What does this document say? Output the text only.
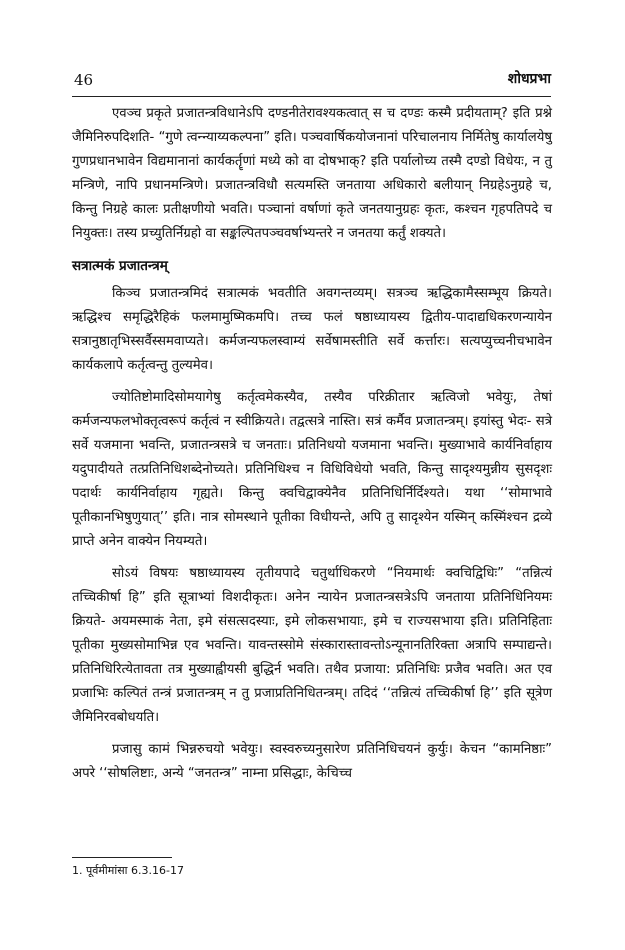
46	शोधप्रभा

एवञ्च प्रकृते प्रजातन्त्रविधानेऽपि दण्डनीतेरावश्यकत्वात् स च दण्डः कस्मै प्रदीयताम्? इति प्रश्ने जैमिनिरुपदिशति- “गुणे त्वन्न्याय्यकल्पना” इति। पञ्चवार्षिकयोजनानां परिचालनाय निर्मितेषु कार्यालयेषु गुणप्रधानभावेन विद्यमानानां कार्यकर्तॄणां मध्ये को वा दोषभाक्? इति पर्यालोच्य तस्मै दण्डो विधेयः, न तु मन्त्रिणे, नापि प्रधानमन्त्रिणे। प्रजातन्त्रविधौ सत्यमस्ति जनताया अधिकारो बलीयान् निग्रहेऽनुग्रहे च, किन्तु निग्रहे कालः प्रतीक्षणीयो भवति। पञ्चानां वर्षाणां कृते जनतयानुग्रहः कृतः, कश्चन गृहपतिपदे च नियुक्तः। तस्य प्रच्युतिर्निग्रहो वा सङ्कल्पितपञ्चवर्षाभ्यन्तरे न जनतया कर्तुं शक्यते।

सत्रात्मकं प्रजातन्त्रम्

किञ्च प्रजातन्त्रमिदं सत्रात्मकं भवतीति अवगन्तव्यम्। सत्रञ्च ऋद्धिकामैस्सम्भूय क्रियते। ऋद्धिश्च समृद्धिरैहिकं फलमामुष्मिकमपि। तच्च फलं षष्ठाध्यायस्य द्वितीय-पादाद्यधिकरणन्यायेन सत्रानुष्ठातृभिस्सर्वैस्समवाप्यते। कर्मजन्यफलस्वाम्यं सर्वेषामस्तीति सर्वे कर्त्तारः। सत्यप्युच्चनीचभावेन कार्यकलापे कर्तृत्वन्तु तुल्यमेव।

ज्योतिष्टोमादिसोमयागेषु कर्तृत्वमेकस्यैव, तस्यैव परिक्रीतार ऋत्विजो भवेयुः, तेषां कर्मजन्यफलभोक्तृत्वरूपं कर्तृत्वं न स्वीक्रियते। तद्वत्सत्रे नास्ति। सत्रं कर्मैव प्रजातन्त्रम्। इयांस्तु भेदः- सत्रे सर्वे यजमाना भवन्ति, प्रजातन्त्रसत्रे च जनताः। प्रतिनिधयो यजमाना भवन्ति। मुख्याभावे कार्यनिर्वाहाय यदुपादीयते तत्प्रतिनिधिशब्देनोच्यते। प्रतिनिधिश्च न विधिविधेयो भवति, किन्तु सादृश्यमुन्नीय सुसदृशः पदार्थः कार्यनिर्वाहाय गृह्यते। किन्तु क्वचिद्वाक्येनैव प्रतिनिधिर्निर्दिश्यते। यथा ‘‘सोमाभावे पूतीकानभिषुणुयात्’’ इति। नात्र सोमस्थाने पूतीका विधीयन्ते, अपि तु सादृश्येन यस्मिन् कस्मिंश्चन द्रव्ये प्राप्ते अनेन वाक्येन नियम्यते।

सोऽयं विषयः षष्ठाध्यायस्य तृतीयपादे चतुर्थाधिकरणे “नियमार्थः क्वचिद्विधिः” “तन्नित्यं तच्चिकीर्षा हि” इति सूत्राभ्यां विशदीकृतः। अनेन न्यायेन प्रजातन्त्रसत्रेऽपि जनताया प्रतिनिधिनियमः क्रियते- अयमस्माकं नेता, इमे संसत्सदस्याः, इमे लोकसभायाः, इमे च राज्यसभाया इति। प्रतिनिहिताः पूतीका मुख्यसोमाभिन्न एव भवन्ति। यावन्तस्सोमे संस्कारास्तावन्तोऽन्यूनानतिरिक्ता अत्रापि सम्पाद्यन्ते। प्रतिनिधिरित्येतावता तत्र मुख्याह्वीयसी बुद्धिर्न भवति। तथैव प्रजाया: प्रतिनिधिः प्रजैव भवति। अत एव प्रजाभिः कल्पितं तन्त्रं प्रजातन्त्रम् न तु प्रजाप्रतिनिधितन्त्रम्। तदिदं ‘‘तन्नित्यं तच्चिकीर्षा हि’’ इति सूत्रेण जैमिनिरवबोधयति।

प्रजासु कामं भिन्नरुचयो भवेयुः। स्वस्वरुच्यनुसारेण प्रतिनिधिचयनं कुर्युः। केचन “कामनिष्ठाः” अपरे ‘‘सोषलिष्टाः, अन्ये “जनतन्त्र” नाम्ना प्रसिद्धाः, केचिच्च

1. पूर्वमीमांसा 6.3.16-17
